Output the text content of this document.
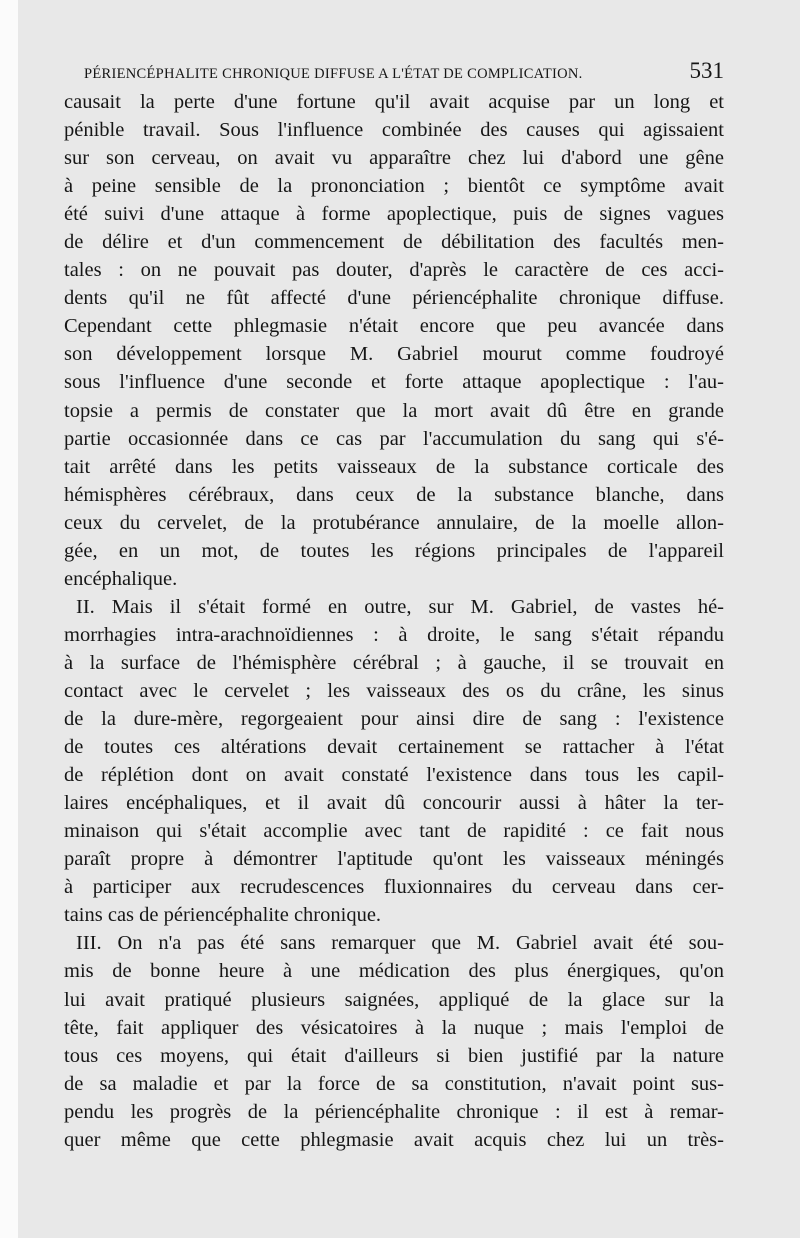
PÉRIENCÉPHALITE CHRONIQUE DIFFUSE A L'ÉTAT DE COMPLICATION.	531
causait la perte d'une fortune qu'il avait acquise par un long et
pénible travail. Sous l'influence combinée des causes qui agissaient
sur son cerveau, on avait vu apparaître chez lui d'abord une gêne
à peine sensible de la prononciation ; bientôt ce symptôme avait
été suivi d'une attaque à forme apoplectique, puis de signes vagues
de délire et d'un commencement de débilitation des facultés men-
tales : on ne pouvait pas douter, d'après le caractère de ces acci-
dents qu'il ne fût affecté d'une périencéphalite chronique diffuse.
Cependant cette phlegmasie n'était encore que peu avancée dans
son développement lorsque M. Gabriel mourut comme foudroyé
sous l'influence d'une seconde et forte attaque apoplectique : l'au-
topsie a permis de constater que la mort avait dû être en grande
partie occasionnée dans ce cas par l'accumulation du sang qui s'é-
tait arrêté dans les petits vaisseaux de la substance corticale des
hémisphères cérébraux, dans ceux de la substance blanche, dans
ceux du cervelet, de la protubérance annulaire, de la moelle allon-
gée, en un mot, de toutes les régions principales de l'appareil
encéphalique.
II. Mais il s'était formé en outre, sur M. Gabriel, de vastes hé-
morrhagies intra-arachnoïdiennes : à droite, le sang s'était répandu
à la surface de l'hémisphère cérébral ; à gauche, il se trouvait en
contact avec le cervelet ; les vaisseaux des os du crâne, les sinus
de la dure-mère, regorgeaient pour ainsi dire de sang : l'existence
de toutes ces altérations devait certainement se rattacher à l'état
de réplétion dont on avait constaté l'existence dans tous les capil-
laires encéphaliques, et il avait dû concourir aussi à hâter la ter-
minaison qui s'était accomplie avec tant de rapidité : ce fait nous
paraît propre à démontrer l'aptitude qu'ont les vaisseaux méningés
à participer aux recrudescences fluxionnaires du cerveau dans cer-
tains cas de périencéphalite chronique.
III. On n'a pas été sans remarquer que M. Gabriel avait été sou-
mis de bonne heure à une médication des plus énergiques, qu'on
lui avait pratiqué plusieurs saignées, appliqué de la glace sur la
tête, fait appliquer des vésicatoires à la nuque ; mais l'emploi de
tous ces moyens, qui était d'ailleurs si bien justifié par la nature
de sa maladie et par la force de sa constitution, n'avait point sus-
pendu les progrès de la périencéphalite chronique : il est à remar-
quer même que cette phlegmasie avait acquis chez lui un très-
